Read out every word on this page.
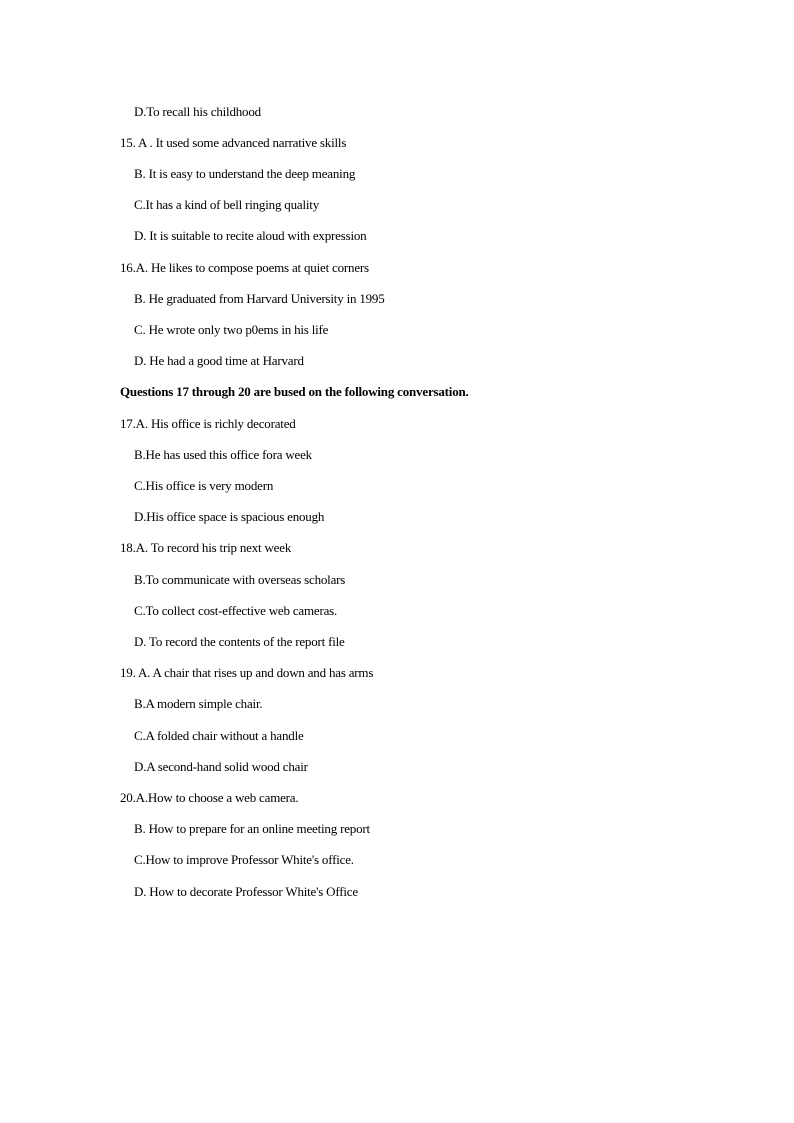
D.To recall his childhood
15. A . It used some advanced narrative skills
B. It is easy to understand the deep meaning
C.It has a kind of bell ringing quality
D. It is suitable to recite aloud with expression
16.A. He likes to compose poems at quiet corners
B. He graduated from Harvard University in 1995
C. He wrote only two p0ems in his life
D. He had a good time at Harvard
Questions 17 through 20 are bused on the following conversation.
17.A. His office is richly decorated
B.He has used this office fora week
C.His office is very modern
D.His office space is spacious enough
18.A. To record his trip next week
B.To communicate with overseas scholars
C.To collect cost-effective web cameras.
D. To record the contents of the report file
19. A. A chair that rises up and down and has arms
B.A modern simple chair.
C.A folded chair without a handle
D.A second-hand solid wood chair
20.A.How to choose a web camera.
B. How to prepare for an online meeting report
C.How to improve Professor White's office.
D. How to decorate Professor White's Office
